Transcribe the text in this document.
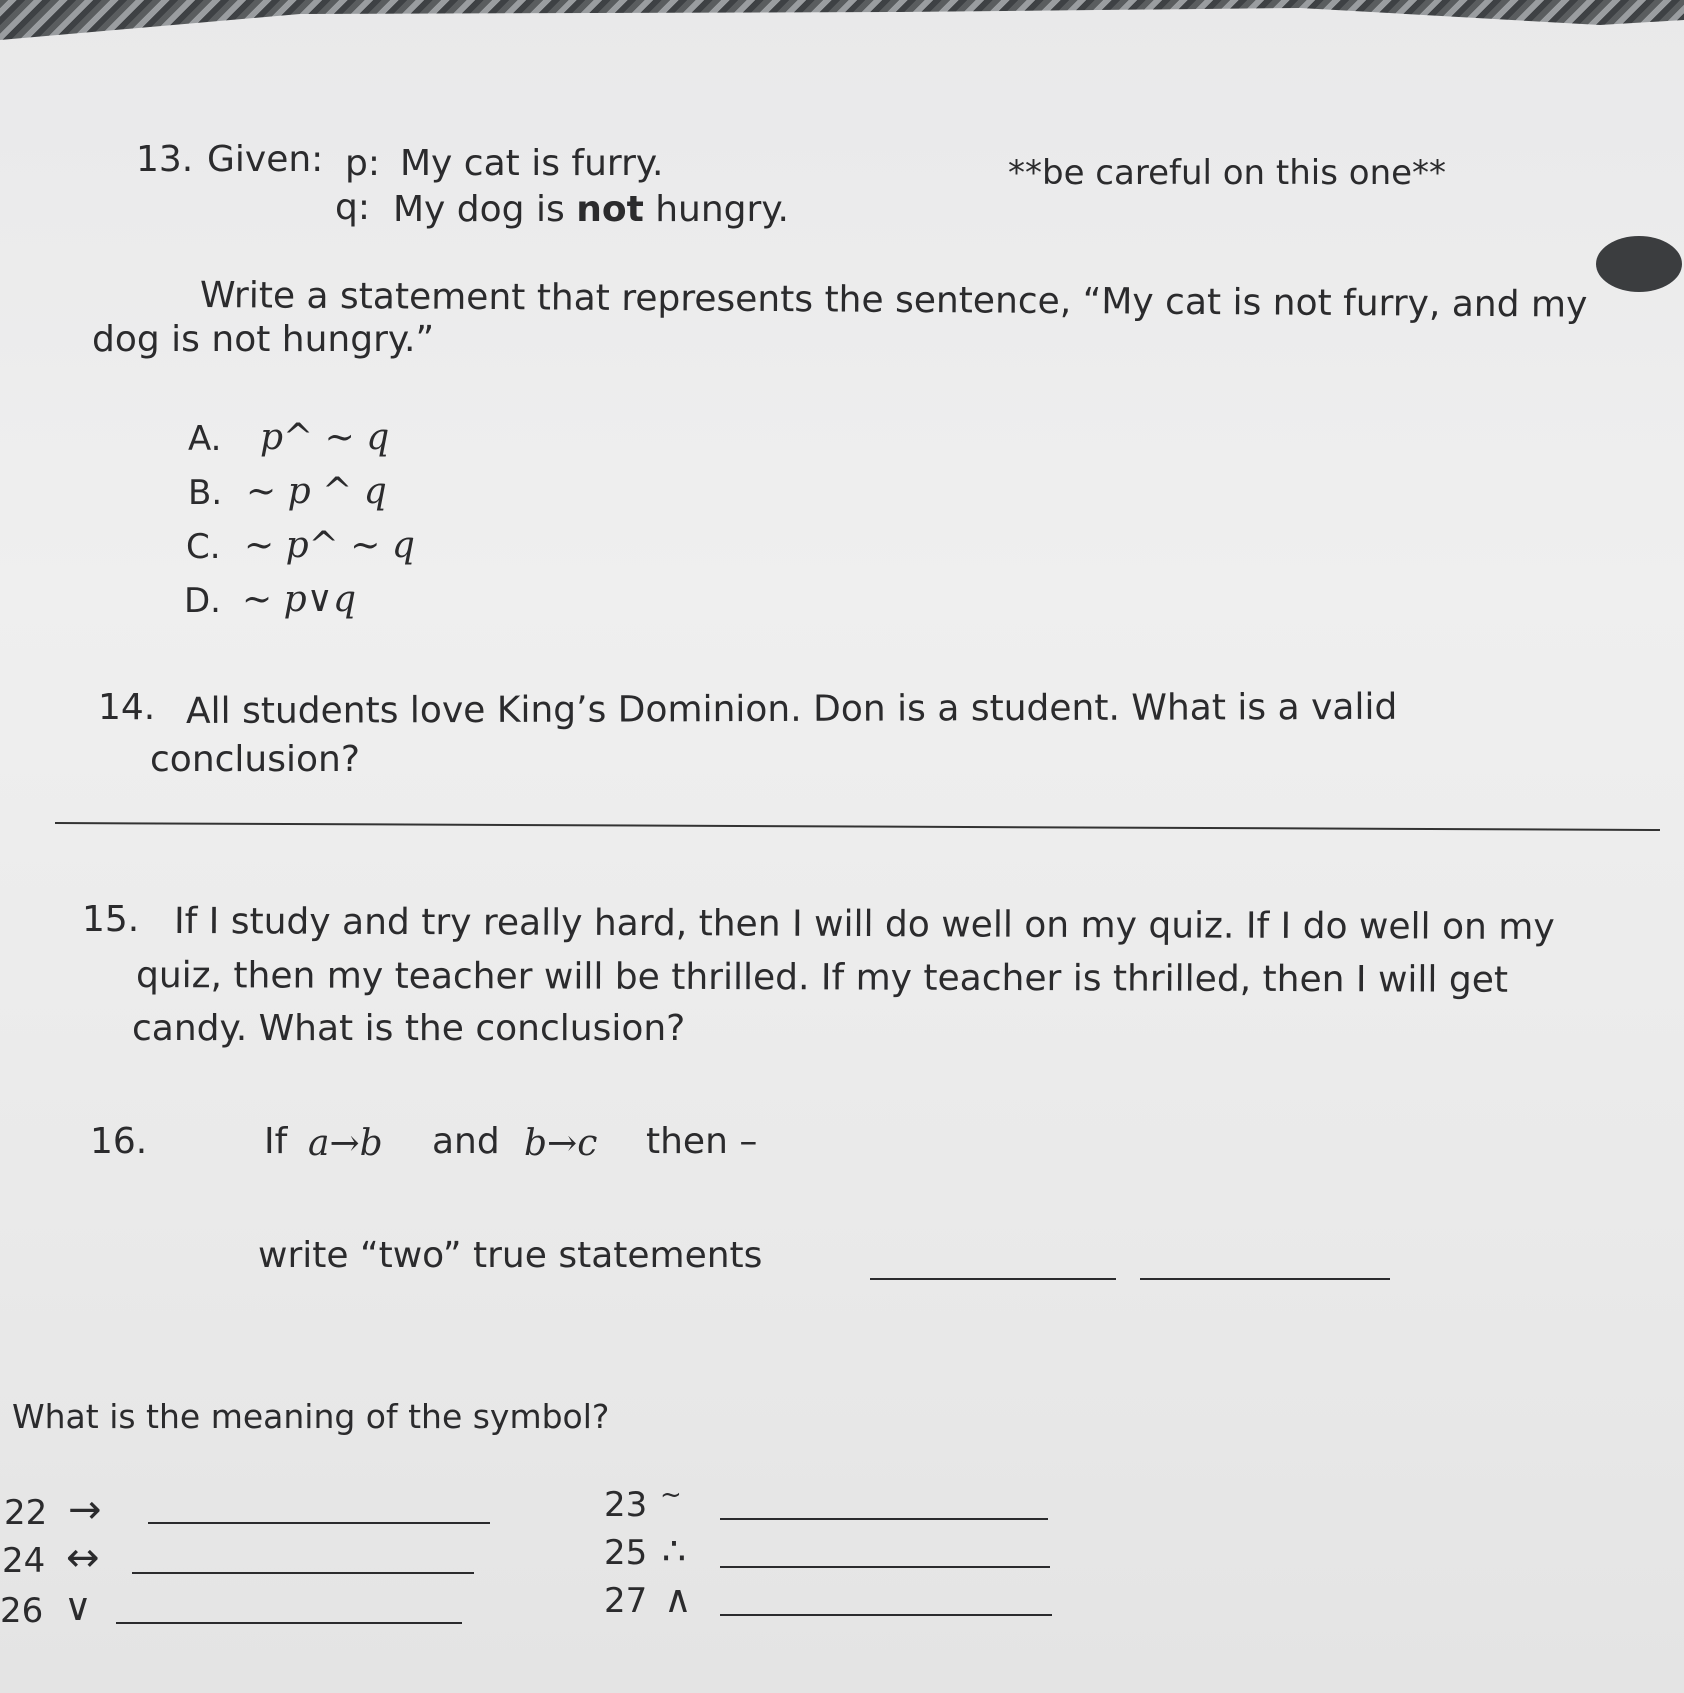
13. Given: p: My cat is furry.
q: My dog is not hungry.
**be careful on this one**
Write a statement that represents the sentence, “My cat is not furry, and my
dog is not hungry.”
A. p^ ~ q
B. ~ p ^ q
C. ~ p^ ~ q
D. ~ p∨q
14. All students love King’s Dominion. Don is a student. What is a valid
conclusion?
15. If I study and try really hard, then I will do well on my quiz. If I do well on my
quiz, then my teacher will be thrilled. If my teacher is thrilled, then I will get
candy. What is the conclusion?
16.	If a→b and b→c then –
write “two” true statements
What is the meaning of the symbol?
22 →
24 ↔
26 ∨
23 ~
25 ∴
27 ∧
